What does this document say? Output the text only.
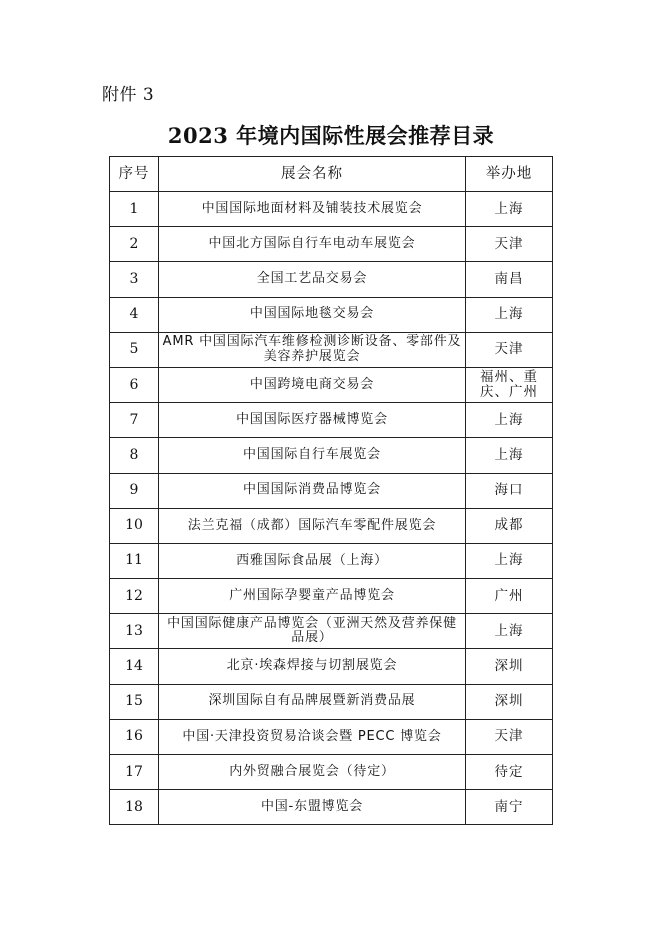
附件 3
2023 年境内国际性展会推荐目录
序号	展会名称	举办地
1	中国国际地面材料及铺装技术展览会	上海
2	中国北方国际自行车电动车展览会	天津
3	全国工艺品交易会	南昌
4	中国国际地毯交易会	上海
5	AMR 中国国际汽车维修检测诊断设备、零部件及美容养护展览会	天津
6	中国跨境电商交易会	福州、重庆、广州
7	中国国际医疗器械博览会	上海
8	中国国际自行车展览会	上海
9	中国国际消费品博览会	海口
10	法兰克福（成都）国际汽车零配件展览会	成都
11	西雅国际食品展（上海）	上海
12	广州国际孕婴童产品博览会	广州
13	中国国际健康产品博览会（亚洲天然及营养保健品展）	上海
14	北京·埃森焊接与切割展览会	深圳
15	深圳国际自有品牌展暨新消费品展	深圳
16	中国·天津投资贸易洽谈会暨 PECC 博览会	天津
17	内外贸融合展览会（待定）	待定
18	中国-东盟博览会	南宁
